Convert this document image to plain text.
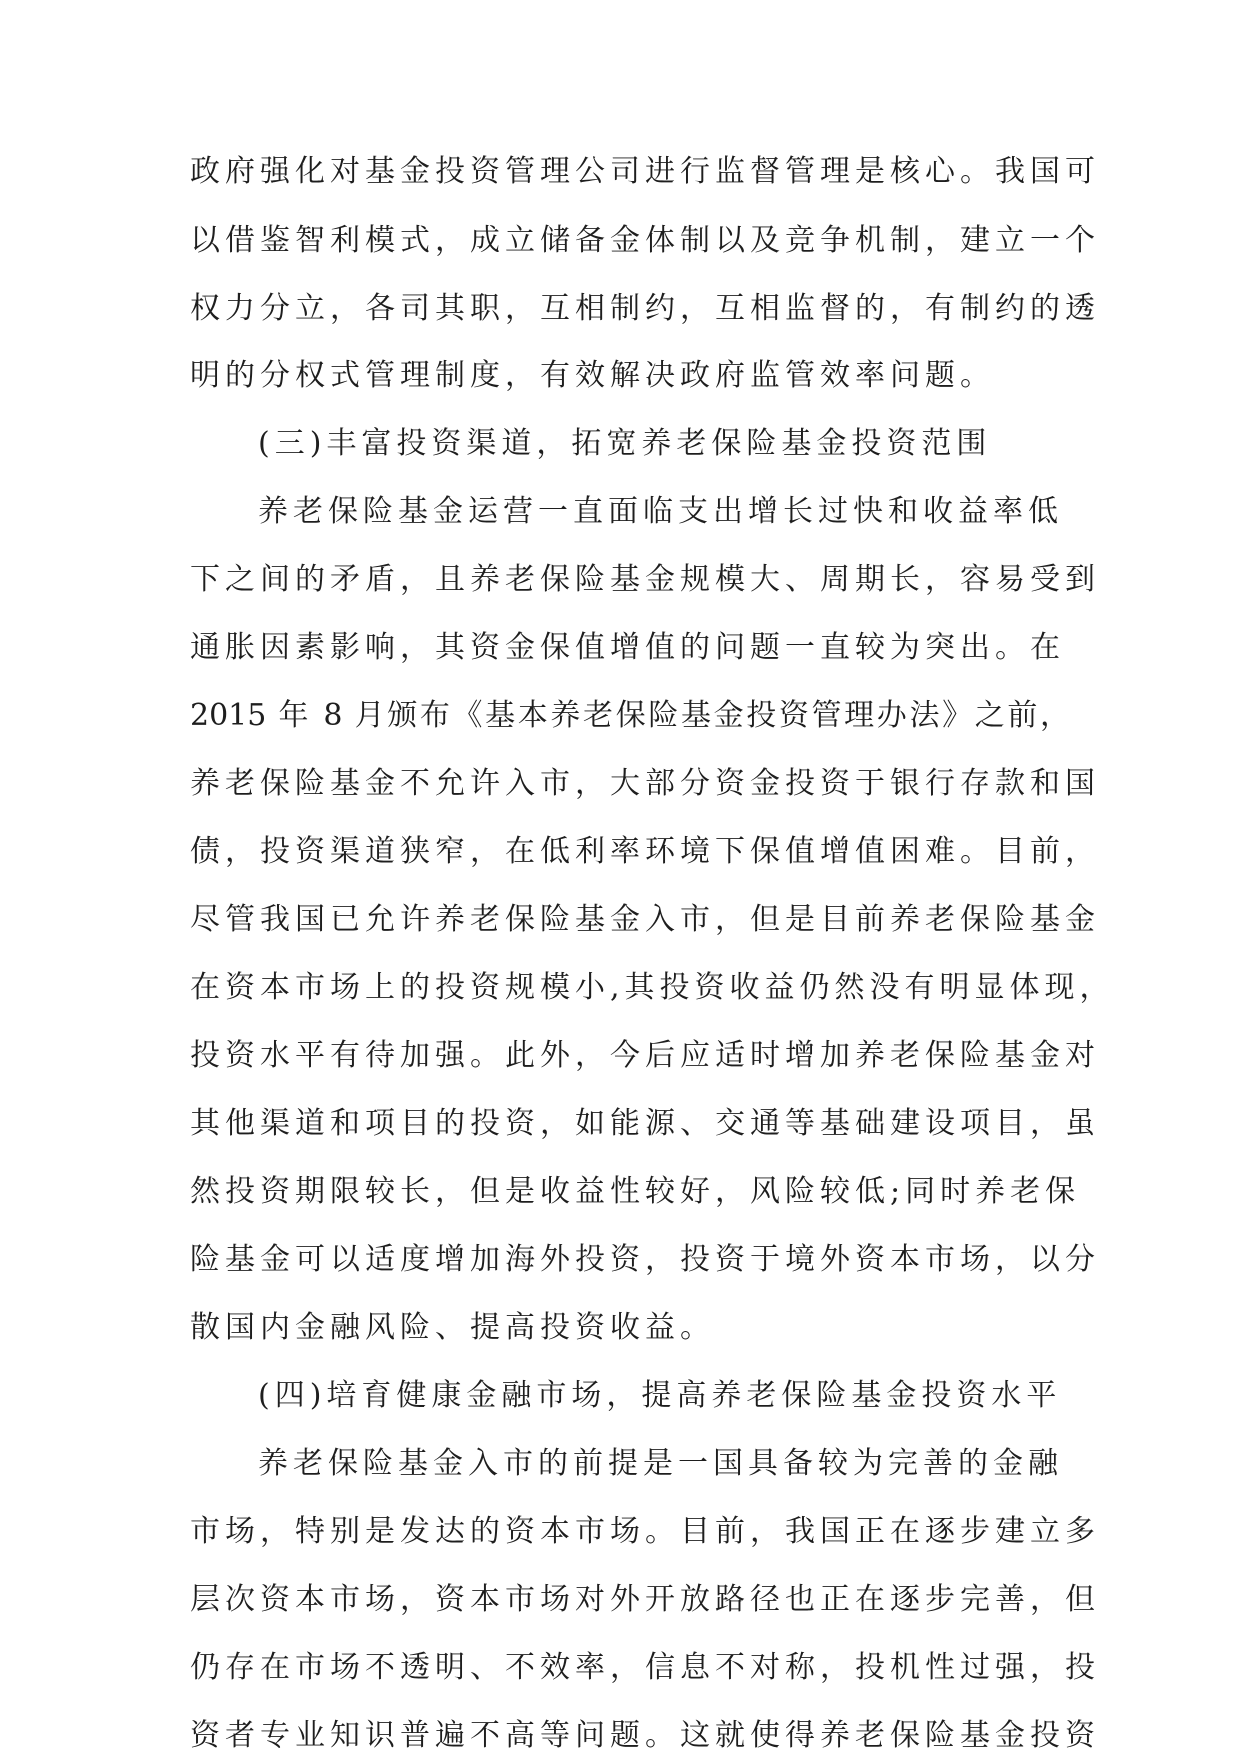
政府强化对基金投资管理公司进行监督管理是核心。我国可
以借鉴智利模式，成立储备金体制以及竞争机制，建立一个
权力分立，各司其职，互相制约，互相监督的，有制约的透
明的分权式管理制度，有效解决政府监管效率问题。
(三)丰富投资渠道，拓宽养老保险基金投资范围
养老保险基金运营一直面临支出增长过快和收益率低
下之间的矛盾，且养老保险基金规模大、周期长，容易受到
通胀因素影响，其资金保值增值的问题一直较为突出。在
2015 年 8 月颁布《基本养老保险基金投资管理办法》之前，
养老保险基金不允许入市，大部分资金投资于银行存款和国
债，投资渠道狭窄，在低利率环境下保值增值困难。目前，
尽管我国已允许养老保险基金入市，但是目前养老保险基金
在资本市场上的投资规模小,其投资收益仍然没有明显体现，
投资水平有待加强。此外，今后应适时增加养老保险基金对
其他渠道和项目的投资，如能源、交通等基础建设项目，虽
然投资期限较长，但是收益性较好，风险较低;同时养老保
险基金可以适度增加海外投资，投资于境外资本市场，以分
散国内金融风险、提高投资收益。
(四)培育健康金融市场，提高养老保险基金投资水平
养老保险基金入市的前提是一国具备较为完善的金融
市场，特别是发达的资本市场。目前，我国正在逐步建立多
层次资本市场，资本市场对外开放路径也正在逐步完善，但
仍存在市场不透明、不效率，信息不对称，投机性过强，投
资者专业知识普遍不高等问题。这就使得养老保险基金投资
